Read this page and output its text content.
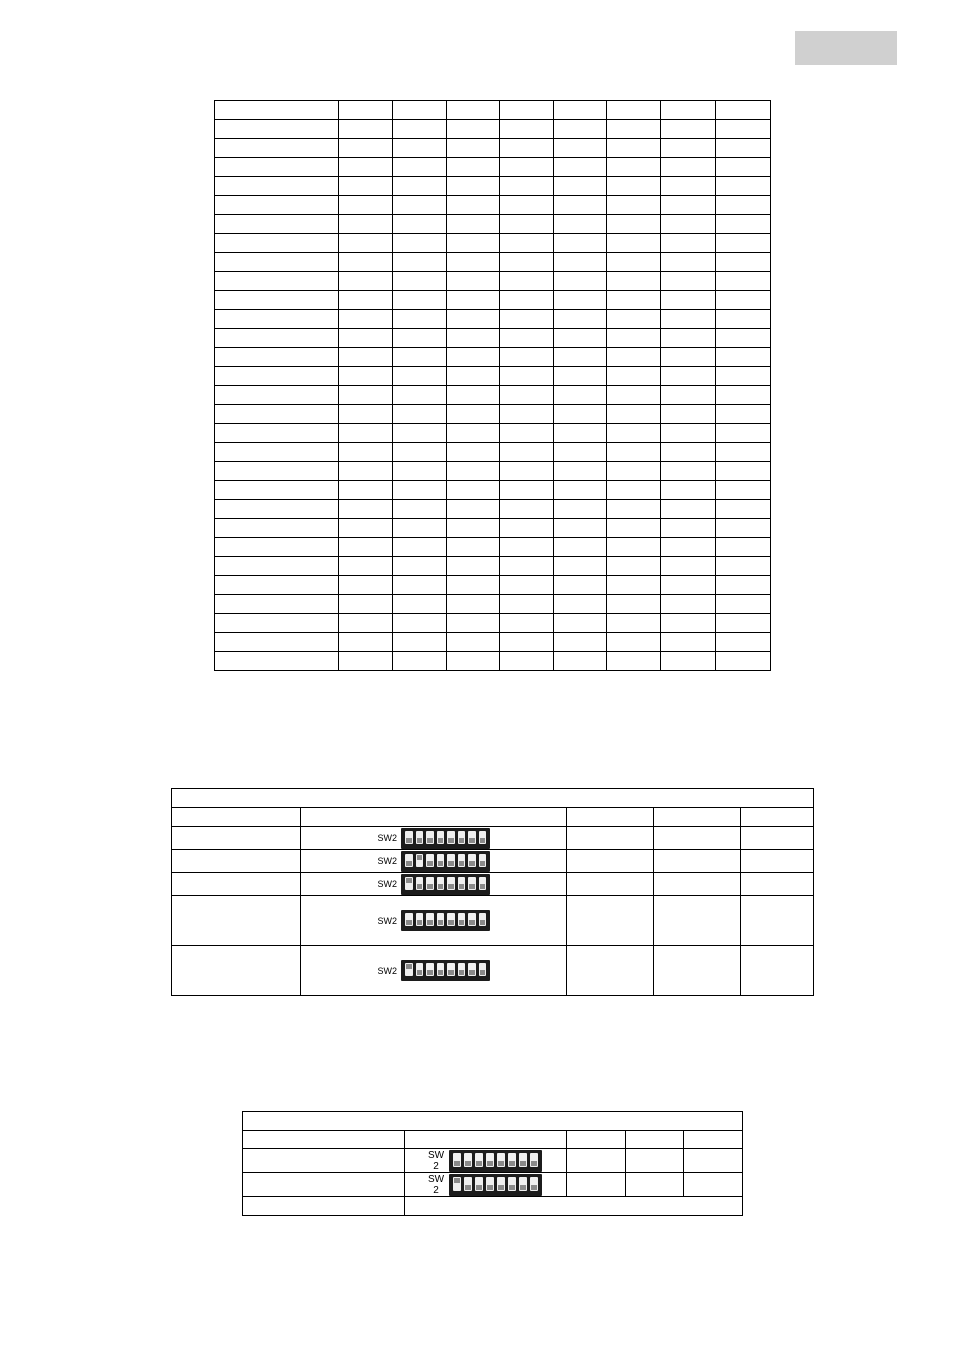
	SW2			

	SW2			

	SW2			

	SW2			

	SW2			

	SW 2			

	SW 2			
